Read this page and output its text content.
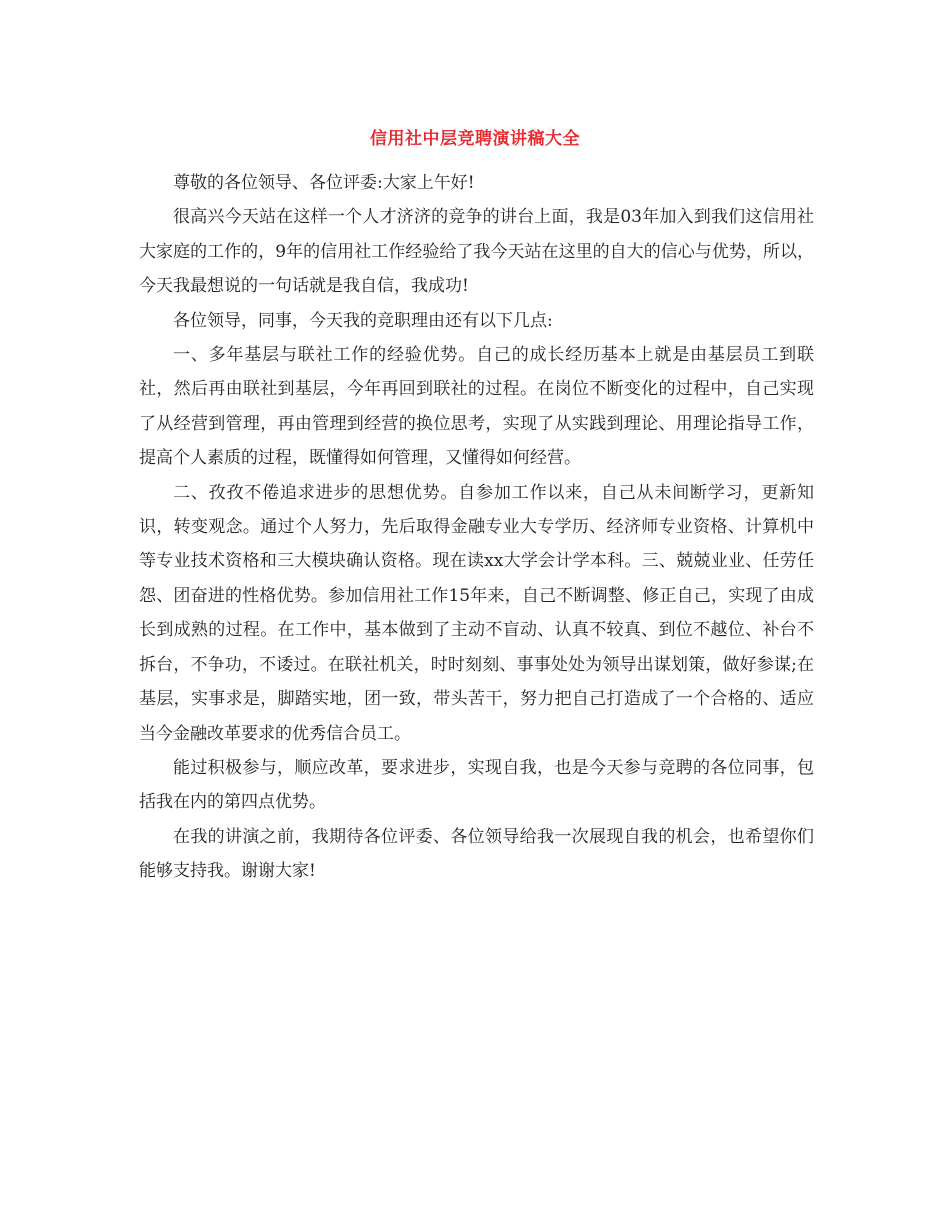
信用社中层竞聘演讲稿大全

尊敬的各位领导、各位评委:大家上午好!

很高兴今天站在这样一个人才济济的竞争的讲台上面，我是03年加入到我们这信用社大家庭的工作的，9年的信用社工作经验给了我今天站在这里的自大的信心与优势，所以，今天我最想说的一句话就是我自信，我成功!

各位领导，同事，今天我的竞职理由还有以下几点:

一、多年基层与联社工作的经验优势。自己的成长经历基本上就是由基层员工到联社，然后再由联社到基层，今年再回到联社的过程。在岗位不断变化的过程中，自己实现了从经营到管理，再由管理到经营的换位思考，实现了从实践到理论、用理论指导工作，提高个人素质的过程，既懂得如何管理，又懂得如何经营。

二、孜孜不倦追求进步的思想优势。自参加工作以来，自己从未间断学习，更新知识，转变观念。通过个人努力，先后取得金融专业大专学历、经济师专业资格、计算机中等专业技术资格和三大模块确认资格。现在读xx大学会计学本科。三、兢兢业业、任劳任怨、团奋进的性格优势。参加信用社工作15年来，自己不断调整、修正自己，实现了由成长到成熟的过程。在工作中，基本做到了主动不盲动、认真不较真、到位不越位、补台不拆台，不争功，不诿过。在联社机关，时时刻刻、事事处处为领导出谋划策，做好参谋;在基层，实事求是，脚踏实地，团一致，带头苦干，努力把自己打造成了一个合格的、适应当今金融改革要求的优秀信合员工。

能过积极参与，顺应改革，要求进步，实现自我，也是今天参与竞聘的各位同事，包括我在内的第四点优势。

在我的讲演之前，我期待各位评委、各位领导给我一次展现自我的机会，也希望你们能够支持我。谢谢大家!
